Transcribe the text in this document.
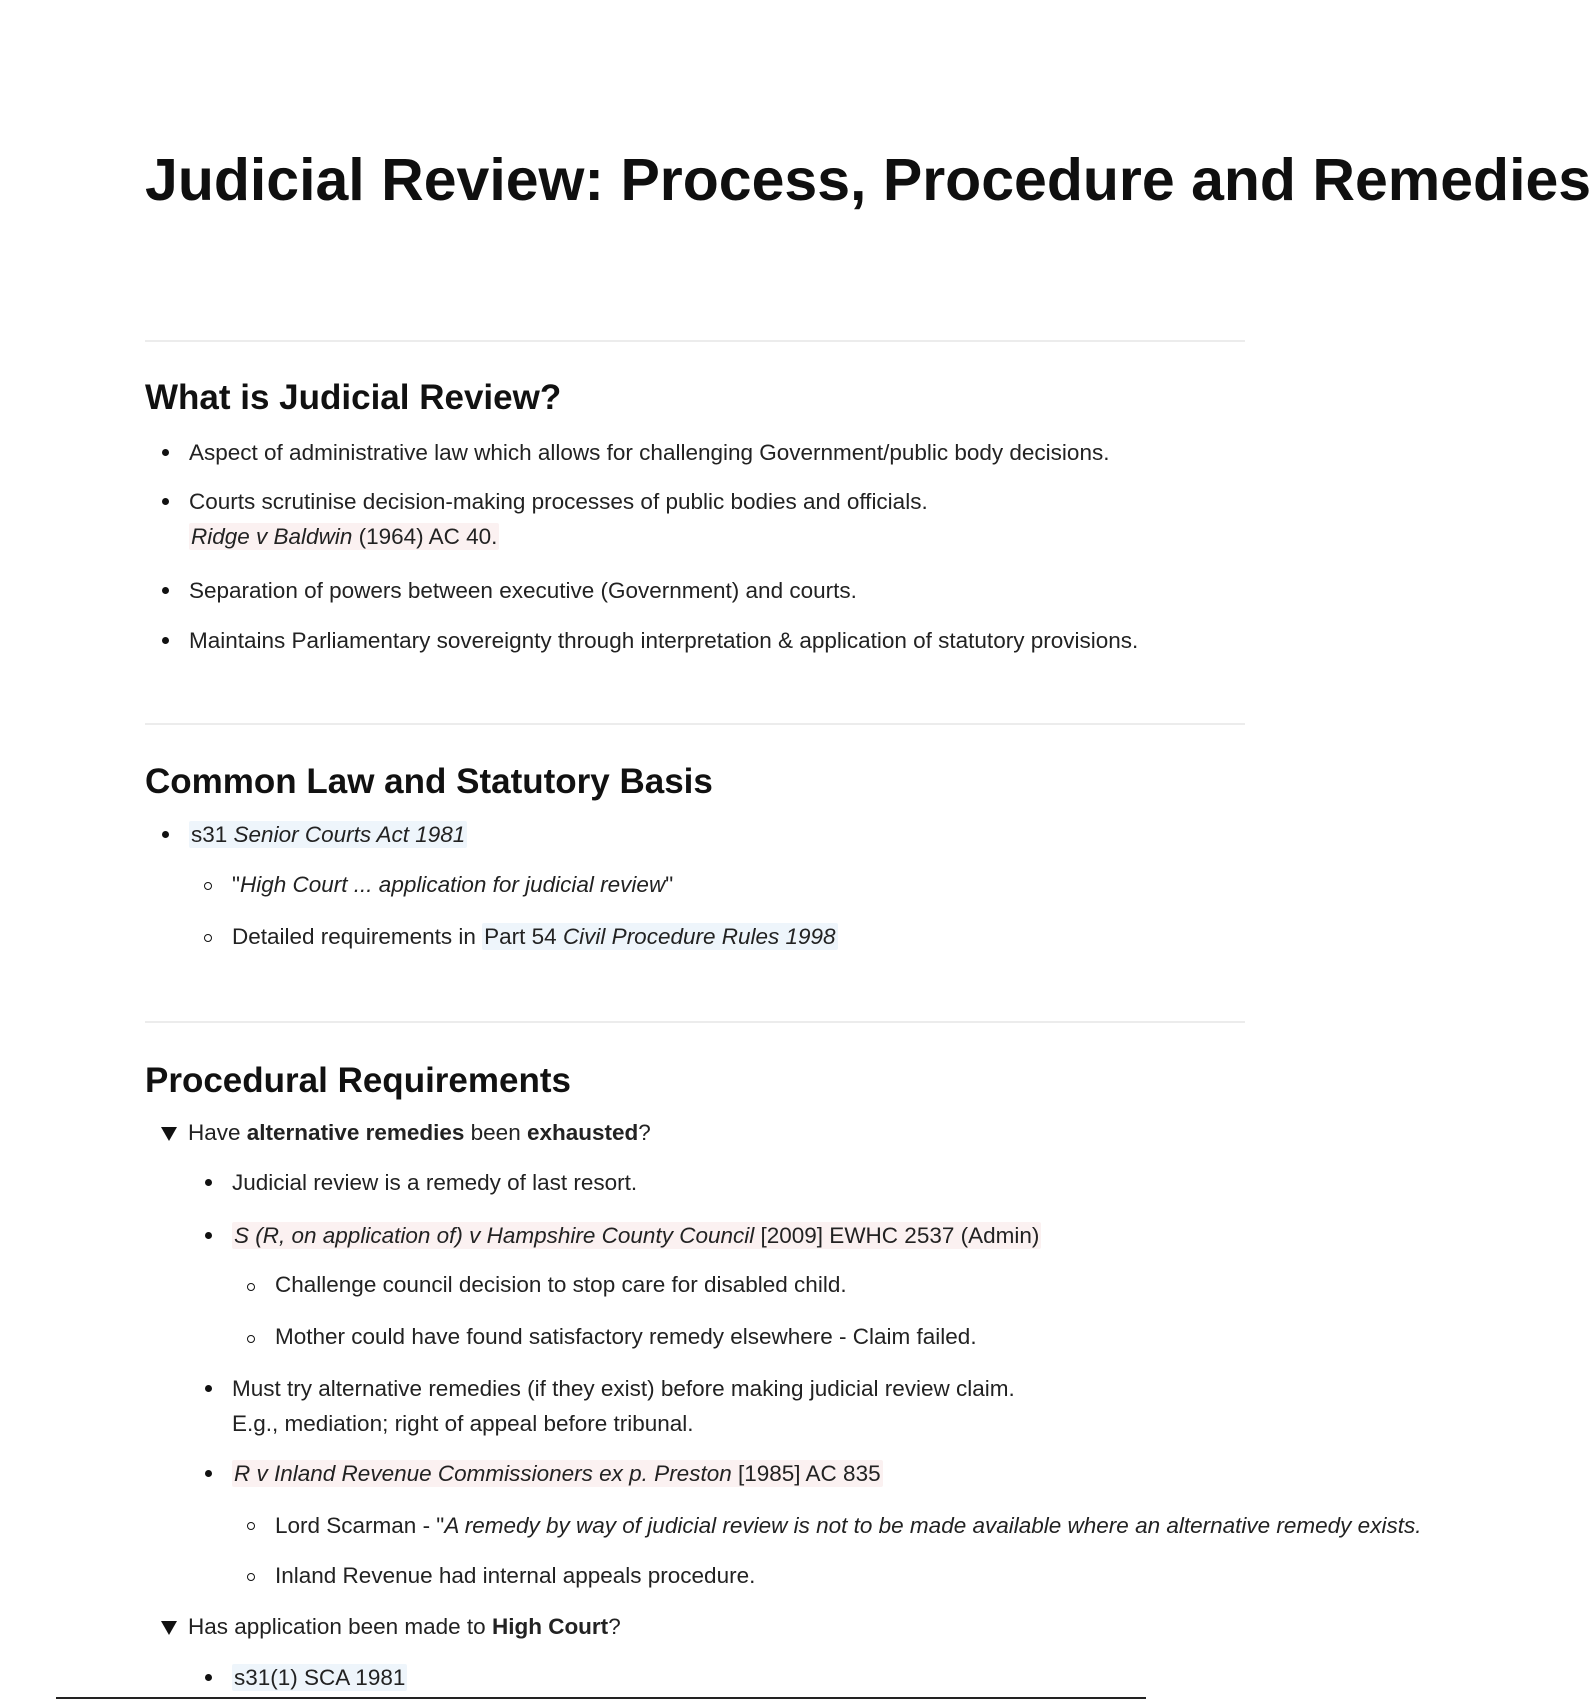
Judicial Review: Process, Procedure and Remedies
What is Judicial Review?
Aspect of administrative law which allows for challenging Government/public body decisions.
Courts scrutinise decision-making processes of public bodies and officials.
Ridge v Baldwin (1964) AC 40.
Separation of powers between executive (Government) and courts.
Maintains Parliamentary sovereignty through interpretation & application of statutory provisions.
Common Law and Statutory Basis
s31 Senior Courts Act 1981
"High Court ... application for judicial review"
Detailed requirements in Part 54 Civil Procedure Rules 1998
Procedural Requirements
Have alternative remedies been exhausted?
Judicial review is a remedy of last resort.
S (R, on application of) v Hampshire County Council [2009] EWHC 2537 (Admin)
Challenge council decision to stop care for disabled child.
Mother could have found satisfactory remedy elsewhere - Claim failed.
Must try alternative remedies (if they exist) before making judicial review claim.
E.g., mediation; right of appeal before tribunal.
R v Inland Revenue Commissioners ex p. Preston [1985] AC 835
Lord Scarman - "A remedy by way of judicial review is not to be made available where an alternative remedy exists.
Inland Revenue had internal appeals procedure.
Has application been made to High Court?
s31(1) SCA 1981
